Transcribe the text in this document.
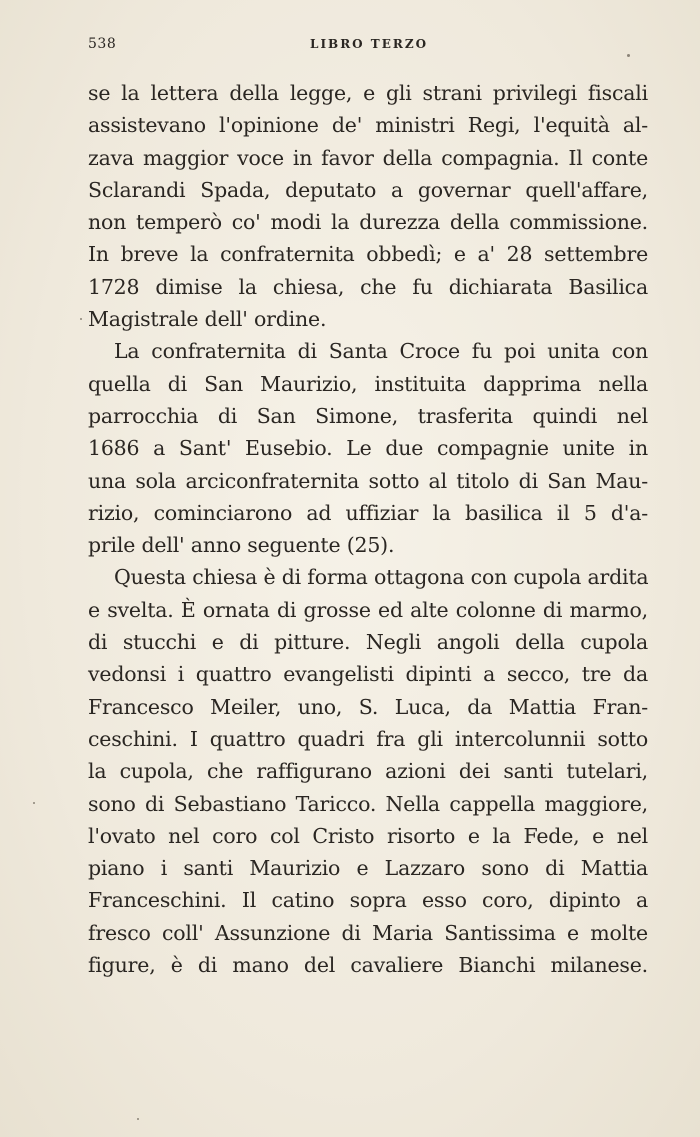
538	LIBRO TERZO
se la lettera della legge, e gli strani privilegi fiscali
assistevano l'opinione de' ministri Regi, l'equità al-
zava maggior voce in favor della compagnia. Il conte
Sclarandi Spada, deputato a governar quell'affare,
non temperò co' modi la durezza della commissione.
In breve la confraternita obbedì; e a' 28 settembre
1728 dimise la chiesa, che fu dichiarata Basilica
Magistrale dell' ordine.
La confraternita di Santa Croce fu poi unita con
quella di San Maurizio, instituita dapprima nella
parrocchia di San Simone, trasferita quindi nel
1686 a Sant' Eusebio. Le due compagnie unite in
una sola arciconfraternita sotto al titolo di San Mau-
rizio, cominciarono ad uffiziar la basilica il 5 d'a-
prile dell' anno seguente (25).
Questa chiesa è di forma ottagona con cupola ardita
e svelta. È ornata di grosse ed alte colonne di marmo,
di stucchi e di pitture. Negli angoli della cupola
vedonsi i quattro evangelisti dipinti a secco, tre da
Francesco Meiler, uno, S. Luca, da Mattia Fran-
ceschini. I quattro quadri fra gli intercolunnii sotto
la cupola, che raffigurano azioni dei santi tutelari,
sono di Sebastiano Taricco. Nella cappella maggiore,
l'ovato nel coro col Cristo risorto e la Fede, e nel
piano i santi Maurizio e Lazzaro sono di Mattia
Franceschini. Il catino sopra esso coro, dipinto a
fresco coll' Assunzione di Maria Santissima e molte
figure, è di mano del cavaliere Bianchi milanese.
